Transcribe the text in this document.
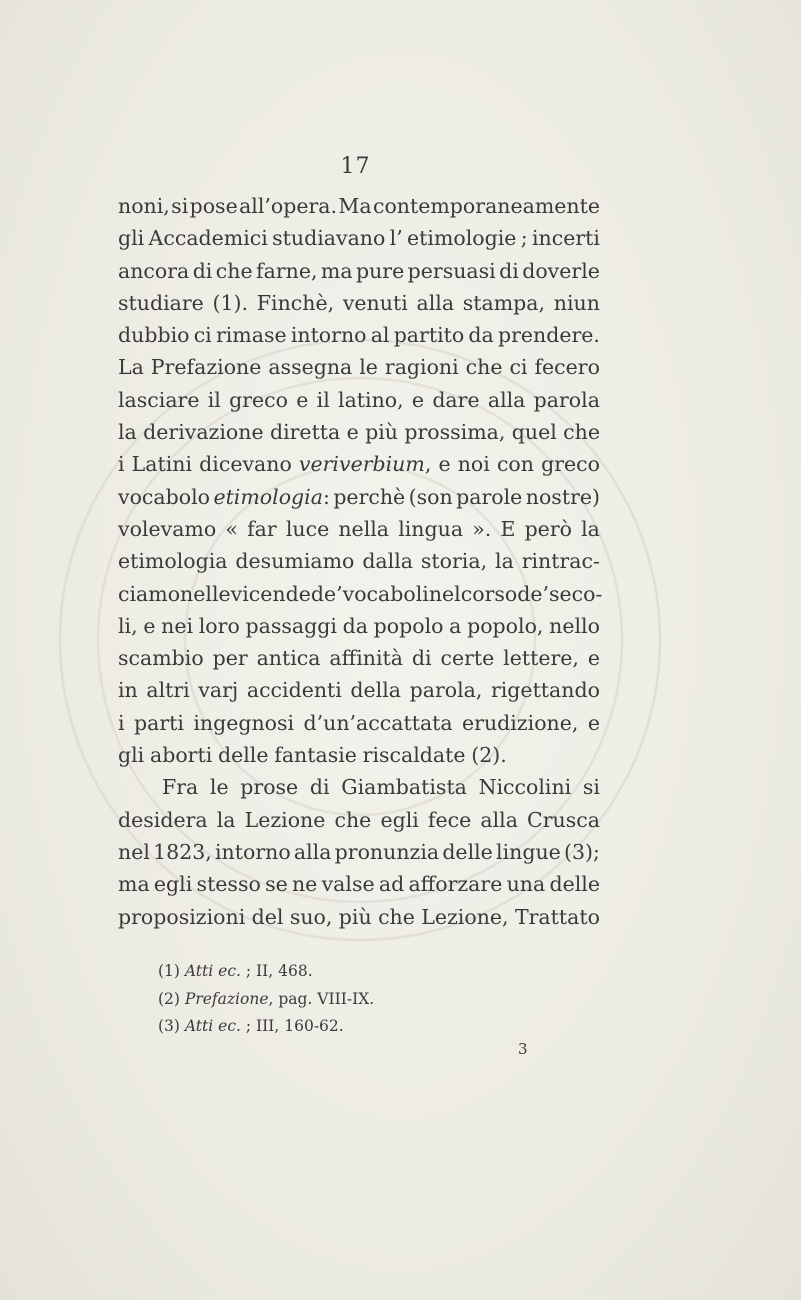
17
noni, si pose all’opera. Ma contemporaneamente
gli Accademici studiavano l’ etimologie ; incerti
ancora di che farne, ma pure persuasi di doverle
studiare (1). Finchè, venuti alla stampa, niun
dubbio ci rimase intorno al partito da prendere.
La Prefazione assegna le ragioni che ci fecero
lasciare il greco e il latino, e dare alla parola
la derivazione diretta e più prossima, quel che
i Latini dicevano veriverbium, e noi con greco
vocabolo etimologia: perchè (son parole nostre)
volevamo « far luce nella lingua ». E però la
etimologia desumiamo dalla storia, la rintrac-
ciamo nelle vicende de’vocaboli nel corso de’seco-
li, e nei loro passaggi da popolo a popolo, nello
scambio per antica affinità di certe lettere, e
in altri varj accidenti della parola, rigettando
i parti ingegnosi d’un’accattata erudizione, e
gli aborti delle fantasie riscaldate (2).
Fra le prose di Giambatista Niccolini si
desidera la Lezione che egli fece alla Crusca
nel 1823, intorno alla pronunzia delle lingue (3);
ma egli stesso se ne valse ad afforzare una delle
proposizioni del suo, più che Lezione, Trattato
(1) Atti ec. ; II, 468.
(2) Prefazione, pag. VIII-IX.
(3) Atti ec. ; III, 160-62.
3
